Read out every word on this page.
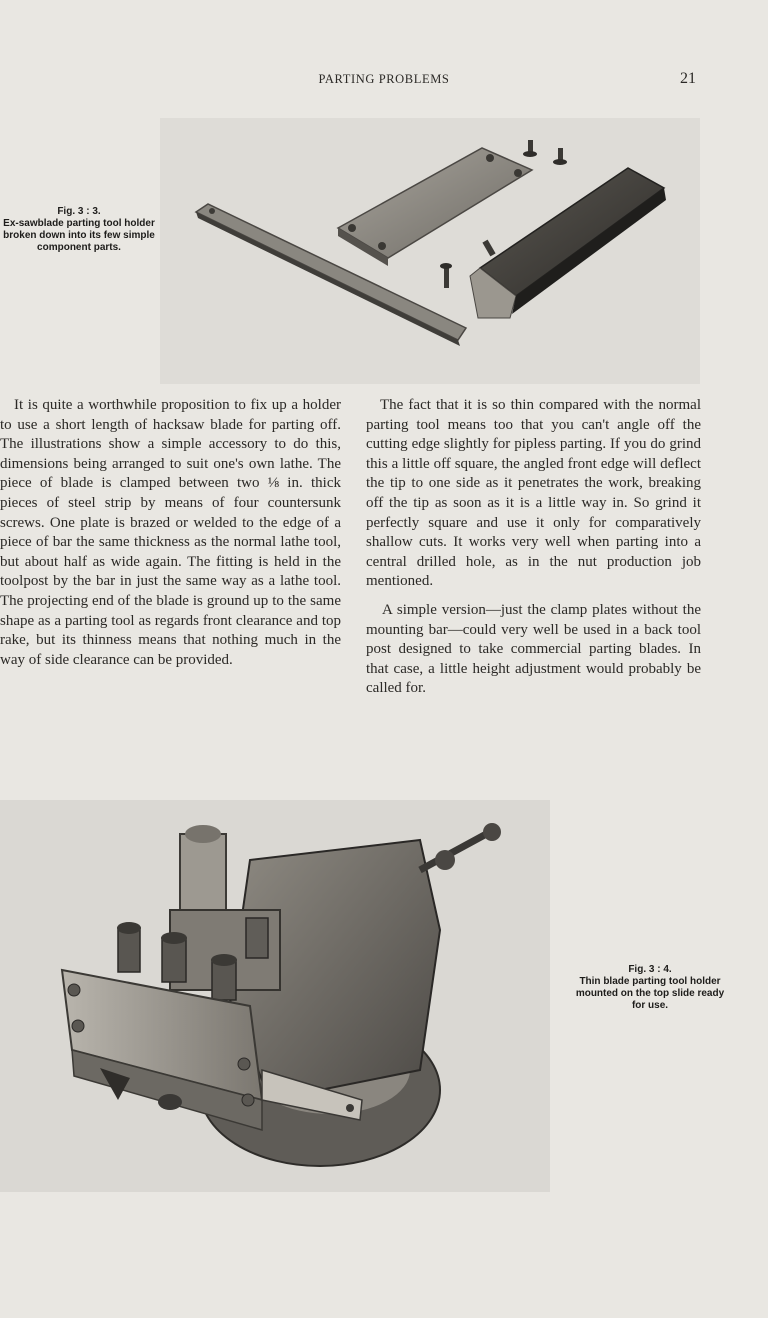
PARTING PROBLEMS	21
Fig. 3 : 3.
Ex-sawblade parting tool holder broken down into its few simple component parts.

It is quite a worthwhile proposition to fix up a holder to use a short length of hacksaw blade for parting off. The illustrations show a simple accessory to do this, dimensions being arranged to suit one's own lathe. The piece of blade is clamped between two ⅛ in. thick pieces of steel strip by means of four countersunk screws. One plate is brazed or welded to the edge of a piece of bar the same thickness as the normal lathe tool, but about half as wide again. The fitting is held in the toolpost by the bar in just the same way as a lathe tool. The projecting end of the blade is ground up to the same shape as a parting tool as regards front clearance and top rake, but its thinness means that nothing much in the way of side clearance can be provided.

The fact that it is so thin compared with the normal parting tool means too that you can't angle off the cutting edge slightly for pipless parting. If you do grind this a little off square, the angled front edge will deflect the tip to one side as it penetrates the work, breaking off the tip as soon as it is a little way in. So grind it perfectly square and use it only for comparatively shallow cuts. It works very well when parting into a central drilled hole, as in the nut production job mentioned.

A simple version—just the clamp plates without the mounting bar—could very well be used in a back tool post designed to take commercial parting blades. In that case, a little height adjustment would probably be called for.

Fig. 3 : 4.
Thin blade parting tool holder mounted on the top slide ready for use.
